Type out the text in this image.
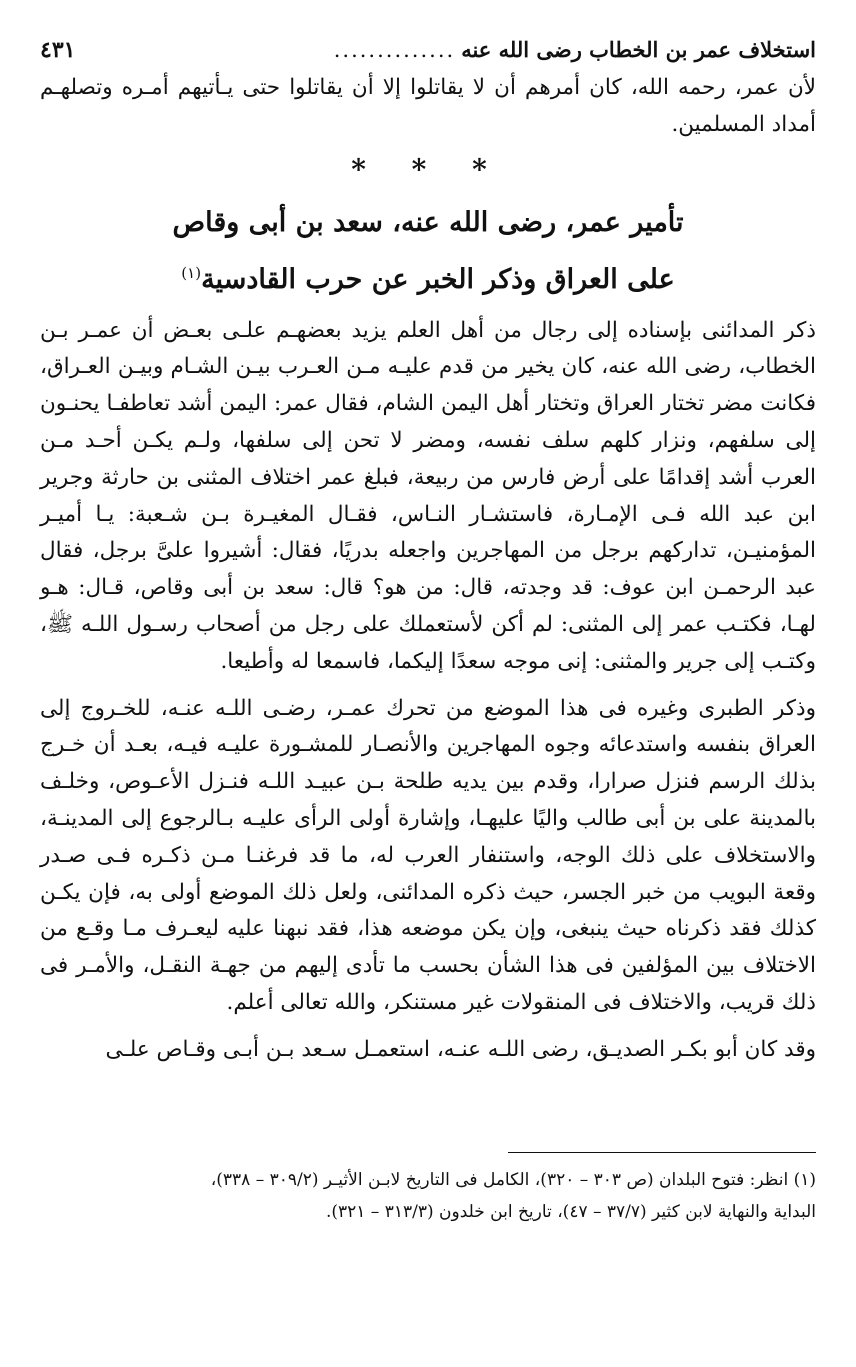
استخلاف عمر بن الخطاب رضى الله عنه
..............
٤٣١

لأن عمر، رحمه الله، كان أمرهم أن لا يقاتلوا إلا أن يقاتلوا حتى يـأتيهم أمـره وتصلهـم أمداد المسلمين.

* * *

تأمير عمر، رضى الله عنه، سعد بن أبى وقاص

على العراق وذكر الخبر عن حرب القادسية$^{(١)}$

ذكر المدائنى بإسناده إلى رجال من أهل العلم يزيد بعضهـم علـى بعـض أن عمـر بـن الخطاب، رضى الله عنه، كان يخير من قدم عليـه مـن العـرب بيـن الشـام وبيـن العـراق، فكانت مضر تختار العراق وتختار أهل اليمن الشام، فقال عمر: اليمن أشد تعاطفـا يحنـون إلى سلفهم، ونزار كلهم سلف نفسه، ومضر لا تحن إلى سلفها، ولـم يكـن أحـد مـن العرب أشد إقدامًا على أرض فارس من ربيعة، فبلغ عمر اختلاف المثنى بن حارثة وجرير ابن عبد الله فـى الإمـارة، فاستشـار النـاس، فقـال المغيـرة بـن شـعبة: يـا أميـر المؤمنيـن، تداركهم برجل من المهاجرين واجعله بدريًا، فقال: أشيروا علىَّ برجل، فقال عبد الرحمـن ابن عوف: قد وجدته، قال: من هو؟ قال: سعد بن أبى وقاص، قـال: هـو لهـا، فكتـب عمر إلى المثنى: لم أكن لأستعملك على رجل من أصحاب رسـول اللـه ﷺ، وكتـب إلى جرير والمثنى: إنى موجه سعدًا إليكما، فاسمعا له وأطيعا.

وذكر الطبرى وغيره فى هذا الموضع من تحرك عمـر، رضـى اللـه عنـه، للخـروج إلى العراق بنفسه واستدعائه وجوه المهاجرين والأنصـار للمشـورة عليـه فيـه، بعـد أن خـرج بذلك الرسم فنزل صرارا، وقدم بين يديه طلحة بـن عبيـد اللـه فنـزل الأعـوص، وخلـف بالمدينة على بن أبى طالب واليًا عليهـا، وإشارة أولى الرأى عليـه بـالرجوع إلى المدينـة، والاستخلاف على ذلك الوجه، واستنفار العرب له، ما قد فرغنـا مـن ذكـره فـى صـدر وقعة البويب من خبر الجسر، حيث ذكره المدائنى، ولعل ذلك الموضع أولى به، فإن يكـن كذلك فقد ذكرناه حيث ينبغى، وإن يكن موضعه هذا، فقد نبهنا عليه ليعـرف مـا وقـع من الاختلاف بين المؤلفين فى هذا الشأن بحسب ما تأدى إليهم من جهـة النقـل، والأمـر فى ذلك قريب، والاختلاف فى المنقولات غير مستنكر، والله تعالى أعلم.

وقد كان أبو بكـر الصديـق، رضى اللـه عنـه، استعمـل سـعد بـن أبـى وقـاص علـى

(١) انظر: فتوح البلدان (ص ٣٠٣ – ٣٢٠)، الكامل فى التاريخ لابـن الأثيـر (٣٠٩/٢ – ٣٣٨)،

البداية والنهاية لابن كثير (٣٧/٧ – ٤٧)، تاريخ ابن خلدون (٣١٣/٣ – ٣٢١).
